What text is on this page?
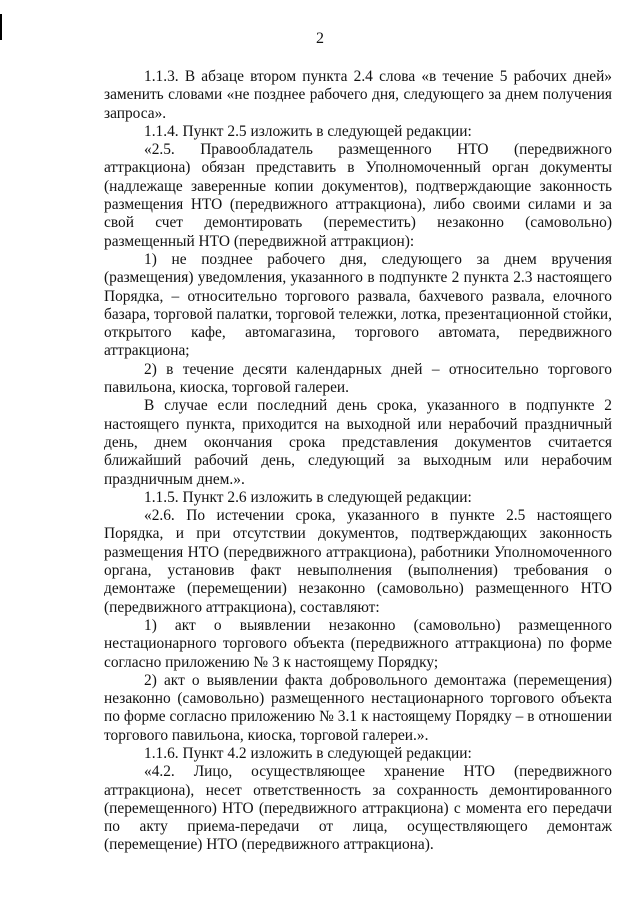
2

1.1.3. В абзаце втором пункта 2.4 слова «в течение 5 рабочих дней» заменить словами «не позднее рабочего дня, следующего за днем получения запроса».

1.1.4. Пункт 2.5 изложить в следующей редакции:

«2.5. Правообладатель размещенного НТО (передвижного аттракциона) обязан представить в Уполномоченный орган документы (надлежаще заверенные копии документов), подтверждающие законность размещения НТО (передвижного аттракциона), либо своими силами и за свой счет демонтировать (переместить) незаконно (самовольно) размещенный НТО (передвижной аттракцион):

1) не позднее рабочего дня, следующего за днем вручения (размещения) уведомления, указанного в подпункте 2 пункта 2.3 настоящего Порядка, – относительно торгового развала, бахчевого развала, елочного базара, торговой палатки, торговой тележки, лотка, презентационной стойки, открытого кафе, автомагазина, торгового автомата, передвижного аттракциона;

2) в течение десяти календарных дней – относительно торгового павильона, киоска, торговой галереи.

В случае если последний день срока, указанного в подпункте 2 настоящего пункта, приходится на выходной или нерабочий праздничный день, днем окончания срока представления документов считается ближайший рабочий день, следующий за выходным или нерабочим праздничным днем.».

1.1.5. Пункт 2.6 изложить в следующей редакции:

«2.6. По истечении срока, указанного в пункте 2.5 настоящего Порядка, и при отсутствии документов, подтверждающих законность размещения НТО (передвижного аттракциона), работники Уполномоченного органа, установив факт невыполнения (выполнения) требования о демонтаже (перемещении) незаконно (самовольно) размещенного НТО (передвижного аттракциона), составляют:

1) акт о выявлении незаконно (самовольно) размещенного нестационарного торгового объекта (передвижного аттракциона) по форме согласно приложению № 3 к настоящему Порядку;

2) акт о выявлении факта добровольного демонтажа (перемещения) незаконно (самовольно) размещенного нестационарного торгового объекта по форме согласно приложению № 3.1 к настоящему Порядку – в отношении торгового павильона, киоска, торговой галереи.».

1.1.6. Пункт 4.2 изложить в следующей редакции:

«4.2. Лицо, осуществляющее хранение НТО (передвижного аттракциона), несет ответственность за сохранность демонтированного (перемещенного) НТО (передвижного аттракциона) с момента его передачи по акту приема-передачи от лица, осуществляющего демонтаж (перемещение) НТО (передвижного аттракциона).
